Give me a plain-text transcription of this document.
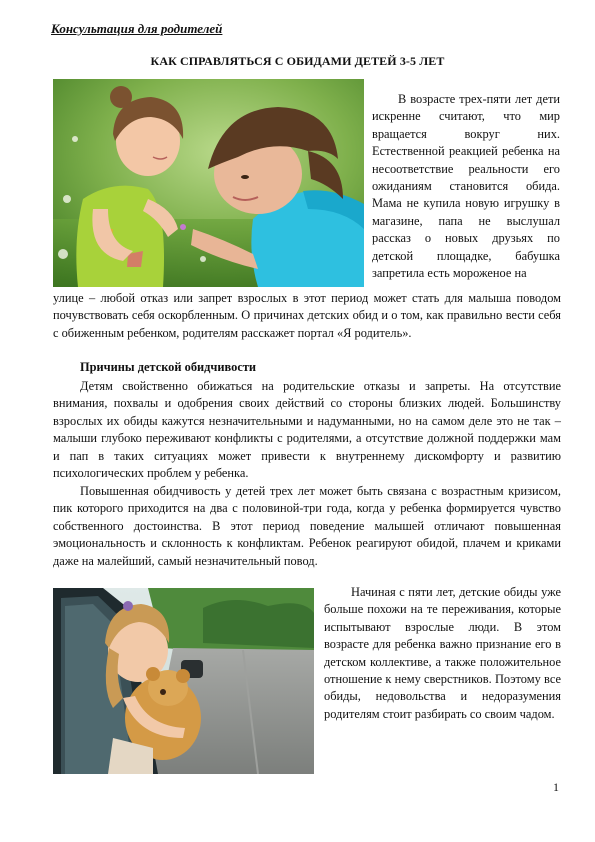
Консультация для родителей
КАК СПРАВЛЯТЬСЯ С ОБИДАМИ ДЕТЕЙ 3-5 ЛЕТ
В возрасте трех-пяти лет дети искренне считают, что мир вращается вокруг них. Естественной реакцией ребенка на несоответствие реальности его ожиданиям становится обида. Мама не купила новую игрушку в магазине, папа не выслушал рассказ о новых друзьях по детской площадке, бабушка запретила есть мороженое на
улице – любой отказ или запрет взрослых в этот период может стать для малыша поводом почувствовать себя оскорбленным. О причинах детских обид и о том, как правильно вести себя с обиженным ребенком, родителям расскажет портал «Я родитель».
Причины детской обидчивости
Детям свойственно обижаться на родительские отказы и запреты. На отсутствие внимания, похвалы и одобрения своих действий со стороны близких людей. Большинству взрослых их обиды кажутся незначительными и надуманными, но на самом деле это не так – малыши глубоко переживают конфликты с родителями, а отсутствие должной поддержки мам и пап в таких ситуациях может привести к внутреннему дискомфорту и развитию психологических проблем у ребенка.
Повышенная обидчивость у детей трех лет может быть связана с возрастным кризисом, пик которого приходится на два с половиной-три года, когда у ребенка формируется чувство собственного достоинства. В этот период поведение малышей отличают повышенная эмоциональность и склонность к конфликтам. Ребенок реагируют обидой, плачем и криками даже на малейший, самый незначительный повод.
Начиная с пяти лет, детские обиды уже больше похожи на те переживания, которые испытывают взрослые люди. В этом возрасте для ребенка важно признание его в детском коллективе, а также положительное отношение к нему сверстников. Поэтому все обиды, недовольства и недоразумения родителям стоит разбирать со своим чадом.
1
